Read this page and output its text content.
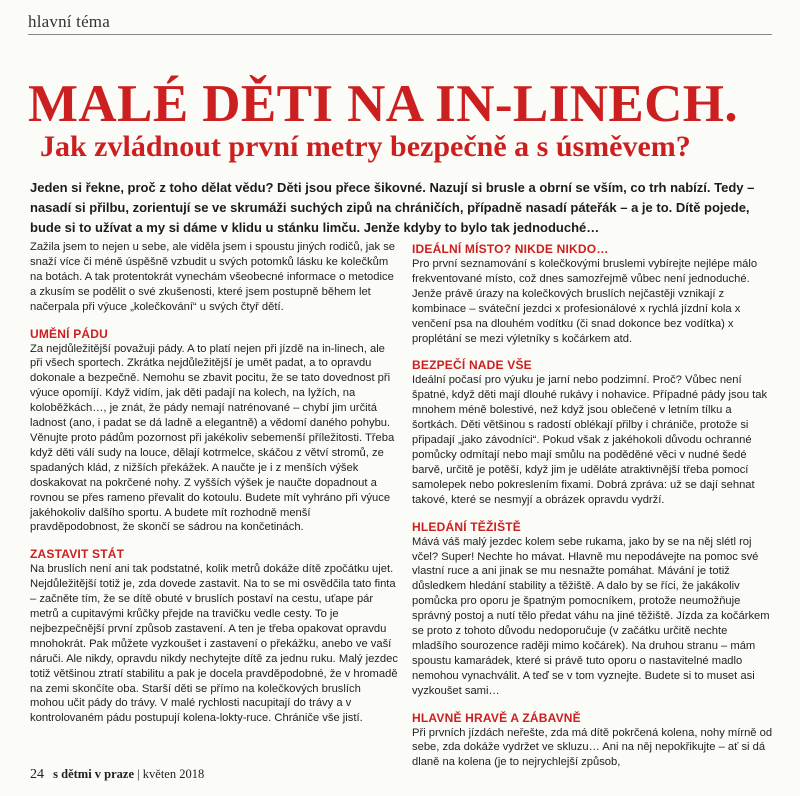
hlavní téma
MALÉ DĚTI NA IN-LINECH.
Jak zvládnout první metry bezpečně a s úsměvem?

Jeden si řekne, proč z toho dělat vědu? Děti jsou přece šikovné. Nazují si brusle a obrní se vším, co trh nabízí. Tedy – nasadí si přilbu, zorientují se ve skrumáži suchých zipů na chráničích, případně nasadí páteřák – a je to. Dítě pojede, bude si to užívat a my si dáme v klidu u stánku limču. Jenže kdyby to bylo tak jednoduché…

Zažila jsem to nejen u sebe, ale viděla jsem i spoustu jiných rodičů, jak se snaží více či méně úspěšně vzbudit u svých potomků lásku ke kolečkům na botách. A tak protentokrát vynechám všeobecné informace o metodice a zkusím se podělit o své zkušenosti, které jsem postupně během let načerpala při výuce „kolečkování“ u svých čtyř dětí.

UMĚNÍ PÁDU

Za nejdůležitější považuji pády. A to platí nejen při jízdě na in-linech, ale při všech sportech. Zkrátka nejdůležitější je umět padat, a to opravdu dokonale a bezpečně. Nemohu se zbavit pocitu, že se tato dovednost při výuce opomíjí. Když vidím, jak děti padají na kolech, na lyžích, na koloběžkách…, je znát, že pády nemají natrénované – chybí jim určitá ladnost (ano, i padat se dá ladně a elegantně) a vědomí daného pohybu. Věnujte proto pádům pozornost při jakékoliv sebemenší příležitosti. Třeba když děti válí sudy na louce, dělají kotrmelce, skáčou z větví stromů, ze spadaných klád, z nižších překážek. A naučte je i z menších výšek doskakovat na pokrčené nohy. Z vyšších výšek je naučte dopadnout a rovnou se přes rameno převalit do kotoulu. Budete mít vyhráno při výuce jakéhokoliv dalšího sportu. A budete mít rozhodně menší pravděpodobnost, že skončí se sádrou na končetinách.

ZASTAVIT STÁT

Na bruslích není ani tak podstatné, kolik metrů dokáže dítě zpočátku ujet. Nejdůležitější totiž je, zda dovede zastavit. Na to se mi osvědčila tato finta – začněte tím, že se dítě obuté v bruslích postaví na cestu, uťape pár metrů a cupitavými krůčky přejde na travičku vedle cesty. To je nejbezpečnější první způsob zastavení. A ten je třeba opakovat opravdu mnohokrát. Pak můžete vyzkoušet i zastavení o překážku, anebo ve vaší náruči. Ale nikdy, opravdu nikdy nechytejte dítě za jednu ruku. Malý jezdec totiž většinou ztratí stabilitu a pak je docela pravděpodobné, že v hromadě na zemi skončíte oba. Starší děti se přímo na kolečkových bruslích mohou učit pády do trávy. V malé rychlosti nacupitají do trávy a v kontrolovaném pádu postupují kolena-lokty-ruce. Chrániče vše jistí.

IDEÁLNÍ MÍSTO? NIKDE NIKDO…

Pro první seznamování s kolečkovými bruslemi vybírejte nejlépe málo frekventované místo, což dnes samozřejmě vůbec není jednoduché. Jenže právě úrazy na kolečkových bruslích nejčastěji vznikají z kombinace – sváteční jezdci x profesionálové x rychlá jízdní kola x venčení psa na dlouhém vodítku (či snad dokonce bez vodítka) x proplétání se mezi výletníky s kočárkem atd.

BEZPEČÍ NADE VŠE

Ideální počasí pro výuku je jarní nebo podzimní. Proč? Vůbec není špatné, když děti mají dlouhé rukávy i nohavice. Případné pády jsou tak mnohem méně bolestivé, než když jsou oblečené v letním tílku a šortkách. Děti většinou s radostí oblékají přilby i chrániče, protože si připadají „jako závodníci“. Pokud však z jakéhokoli důvodu ochranné pomůcky odmítají nebo mají smůlu na poděděné věci v nudné šedé barvě, určitě je potěší, když jim je uděláte atraktivnější třeba pomocí samolepek nebo pokreslením fixami. Dobrá zpráva: už se dají sehnat takové, které se nesmyjí a obrázek opravdu vydrží.

HLEDÁNÍ TĚŽIŠTĚ

Mává váš malý jezdec kolem sebe rukama, jako by se na něj slétl roj včel? Super! Nechte ho mávat. Hlavně mu nepodávejte na pomoc své vlastní ruce a ani jinak se mu nesnažte pomáhat. Mávání je totiž důsledkem hledání stability a těžiště. A dalo by se říci, že jakákoliv pomůcka pro oporu je špatným pomocníkem, protože neumožňuje správný postoj a nutí tělo předat váhu na jiné těžiště. Jízda za kočárkem se proto z tohoto důvodu nedoporučuje (v začátku určitě nechte mladšího sourozence raději mimo kočárek). Na druhou stranu – mám spoustu kamarádek, které si právě tuto oporu o nastavitelné madlo nemohou vynachválit. A teď se v tom vyznejte. Budete si to muset asi vyzkoušet sami…

HLAVNĚ HRAVĚ A ZÁBAVNĚ

Při prvních jízdách neřešte, zda má dítě pokrčená kolena, nohy mírně od sebe, zda dokáže vydržet ve skluzu… Ani na něj nepokřikujte – ať si dá dlaně na kolena (je to nejrychlejší způsob,

24 s dětmi v praze | květen 2018
